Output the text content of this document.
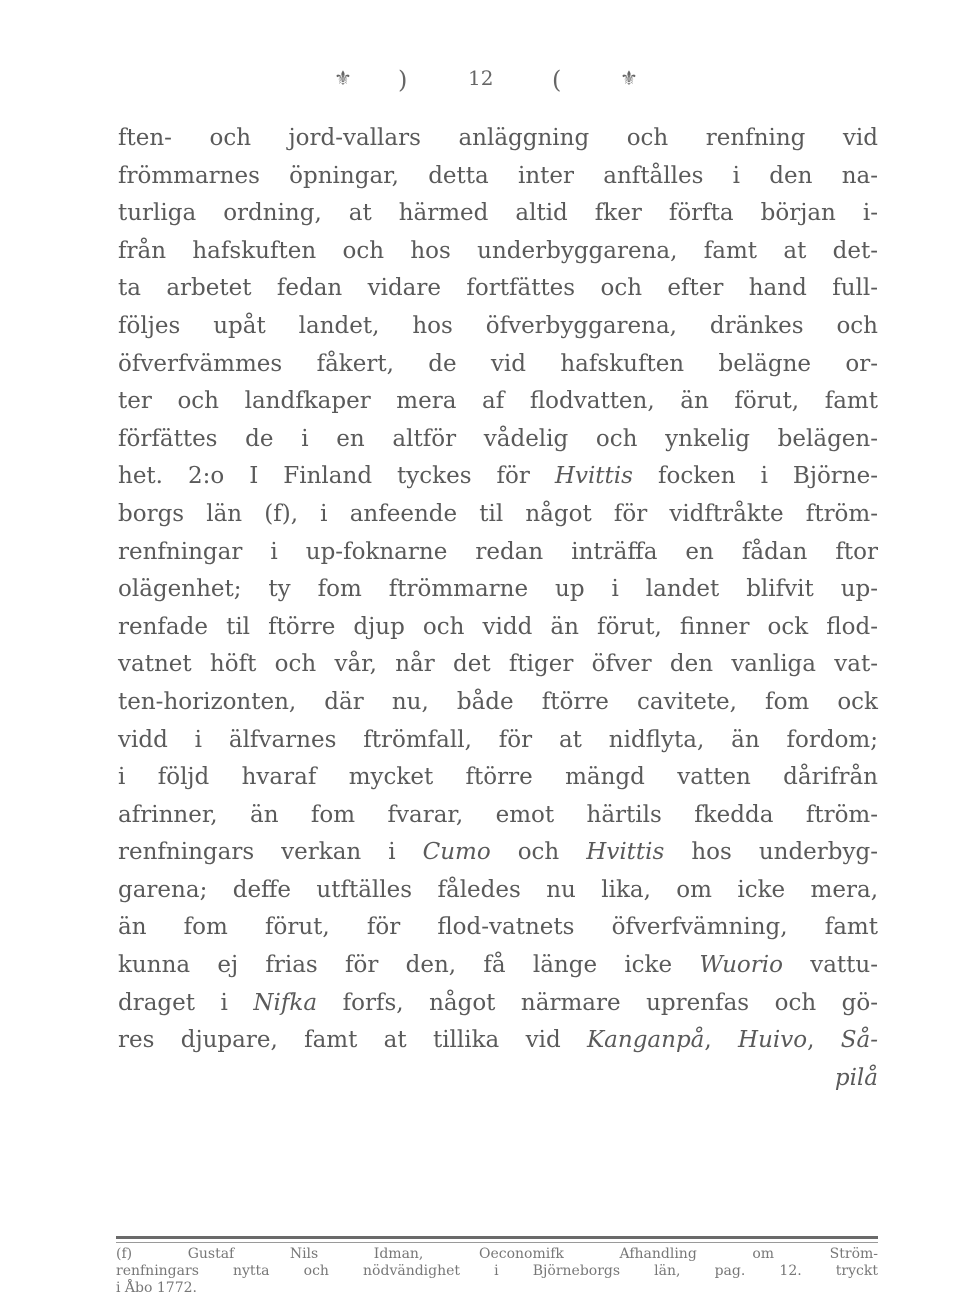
⚜ )	12 (	⚜
ften- och jord-vallars anläggning och renfning vid
frömmarnes öpningar, detta inter anftålles i den na-
turliga ordning, at härmed altid fker förfta början i-
från hafskuften och hos underbyggarena, famt at det-
ta arbetet fedan vidare fortfättes och efter hand full-
följes upåt landet, hos öfverbyggarena, dränkes och
öfverfvämmes fåkert, de vid hafskuften belägne or-
ter och landfkaper mera af flodvatten, än förut, famt
förfättes de i en altför vådelig och ynkelig belägen-
het. 2:o I Finland tyckes för Hvittis focken i Björne-
borgs län (f), i anfeende til något för vidftråkte ftröm-
renfningar i up-foknarne redan inträffa en fådan ftor
olägenhet; ty fom ftrömmarne up i landet blifvit up-
renfade til ftörre djup och vidd än förut, finner ock flod-
vatnet höft och vår, når det ftiger öfver den vanliga vat-
ten-horizonten, där nu, både ftörre cavitete, fom ock
vidd i älfvarnes ftrömfall, för at nidflyta, än fordom;
i följd hvaraf mycket ftörre mängd vatten dårifrån
afrinner, än fom fvarar, emot härtils fkedda ftröm-
renfningars verkan i Cumo och Hvittis hos underbyg-
garena; deffe utftälles fåledes nu lika, om icke mera,
än fom förut, för flod-vatnets öfverfvämning, famt
kunna ej frias för den, få länge icke Wuorio vattu-
draget i Nifka forfs, något närmare uprenfas och gö-
res djupare, famt at tillika vid Kanganpå, Huivo, Så-
pilå
(f) Gustaf Nils Idman, Oeconomifk Afhandling om Ström-
renfningars nytta och nödvändighet i Björneborgs län, pag. 12. tryckt
i Åbo 1772.
